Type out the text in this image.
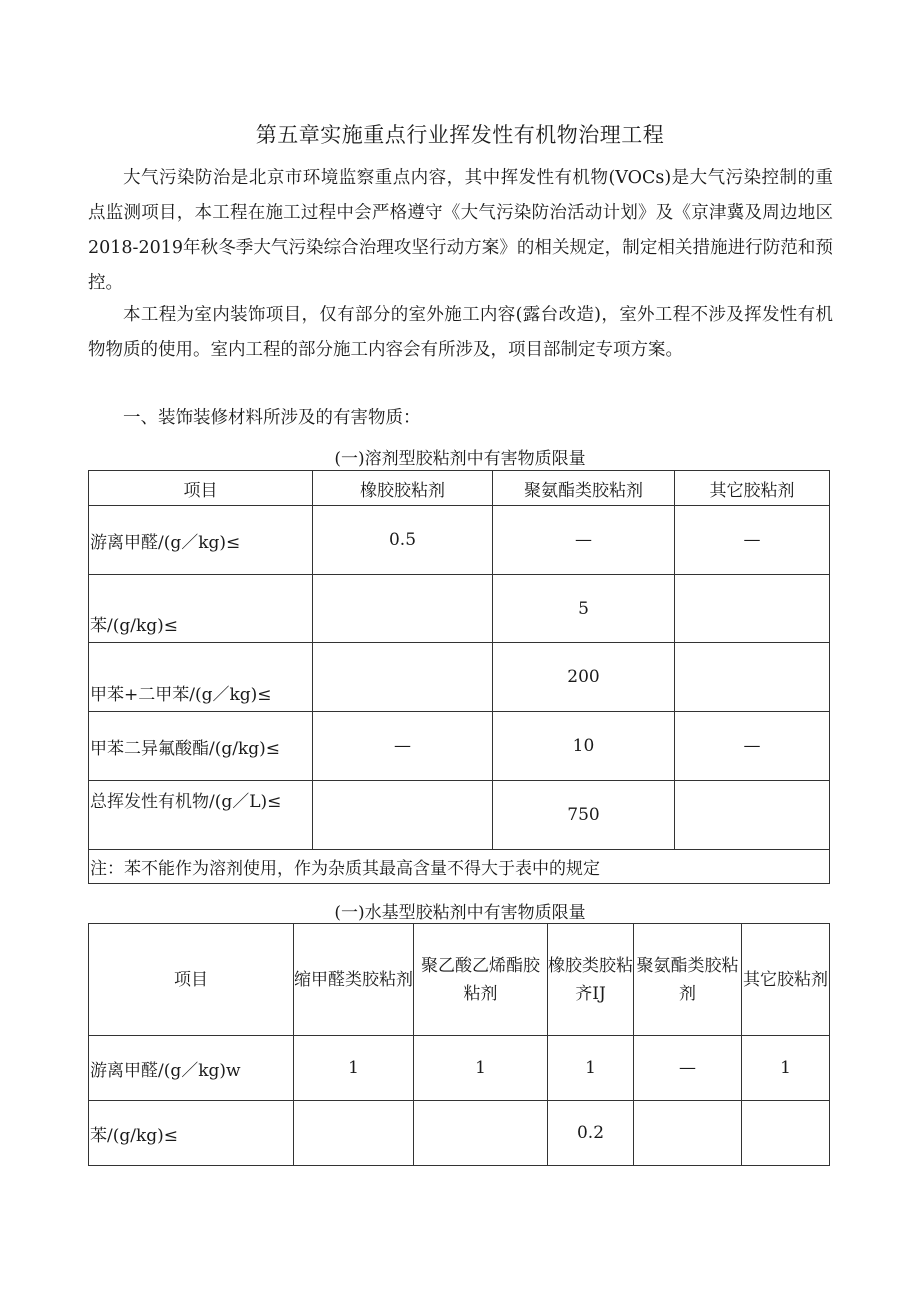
第五章实施重点行业挥发性有机物治理工程

大气污染防治是北京市环境监察重点内容，其中挥发性有机物(VOCs)是大气污染控制的重点监测项目，本工程在施工过程中会严格遵守《大气污染防治活动计划》及《京津冀及周边地区2018-2019年秋冬季大气污染综合治理攻坚行动方案》的相关规定，制定相关措施进行防范和预控。

本工程为室内装饰项目，仅有部分的室外施工内容(露台改造)，室外工程不涉及挥发性有机物物质的使用。室内工程的部分施工内容会有所涉及，项目部制定专项方案。

一、装饰装修材料所涉及的有害物质：

(一)溶剂型胶粘剂中有害物质限量
项目	橡胶胶粘剂	聚氨酯类胶粘剂	其它胶粘剂
游离甲醛/(g／kg)≤	0.5	—	—
苯/(g/kg)≤		5	
甲苯+二甲苯/(g／kg)≤		200	
甲苯二异氟酸酯/(g/kg)≤	—	10	—
总挥发性有机物/(g／L)≤		750	
注：苯不能作为溶剂使用，作为杂质其最高含量不得大于表中的规定			
(一)水基型胶粘剂中有害物质限量
项目	缩甲醛类胶粘剂	聚乙酸乙烯酯胶粘剂	橡胶类胶粘齐IJ	聚氨酯类胶粘剂	其它胶粘剂
游离甲醛/(g／kg)w	1	1	1	—	1
苯/(g/kg)≤			0.2		
